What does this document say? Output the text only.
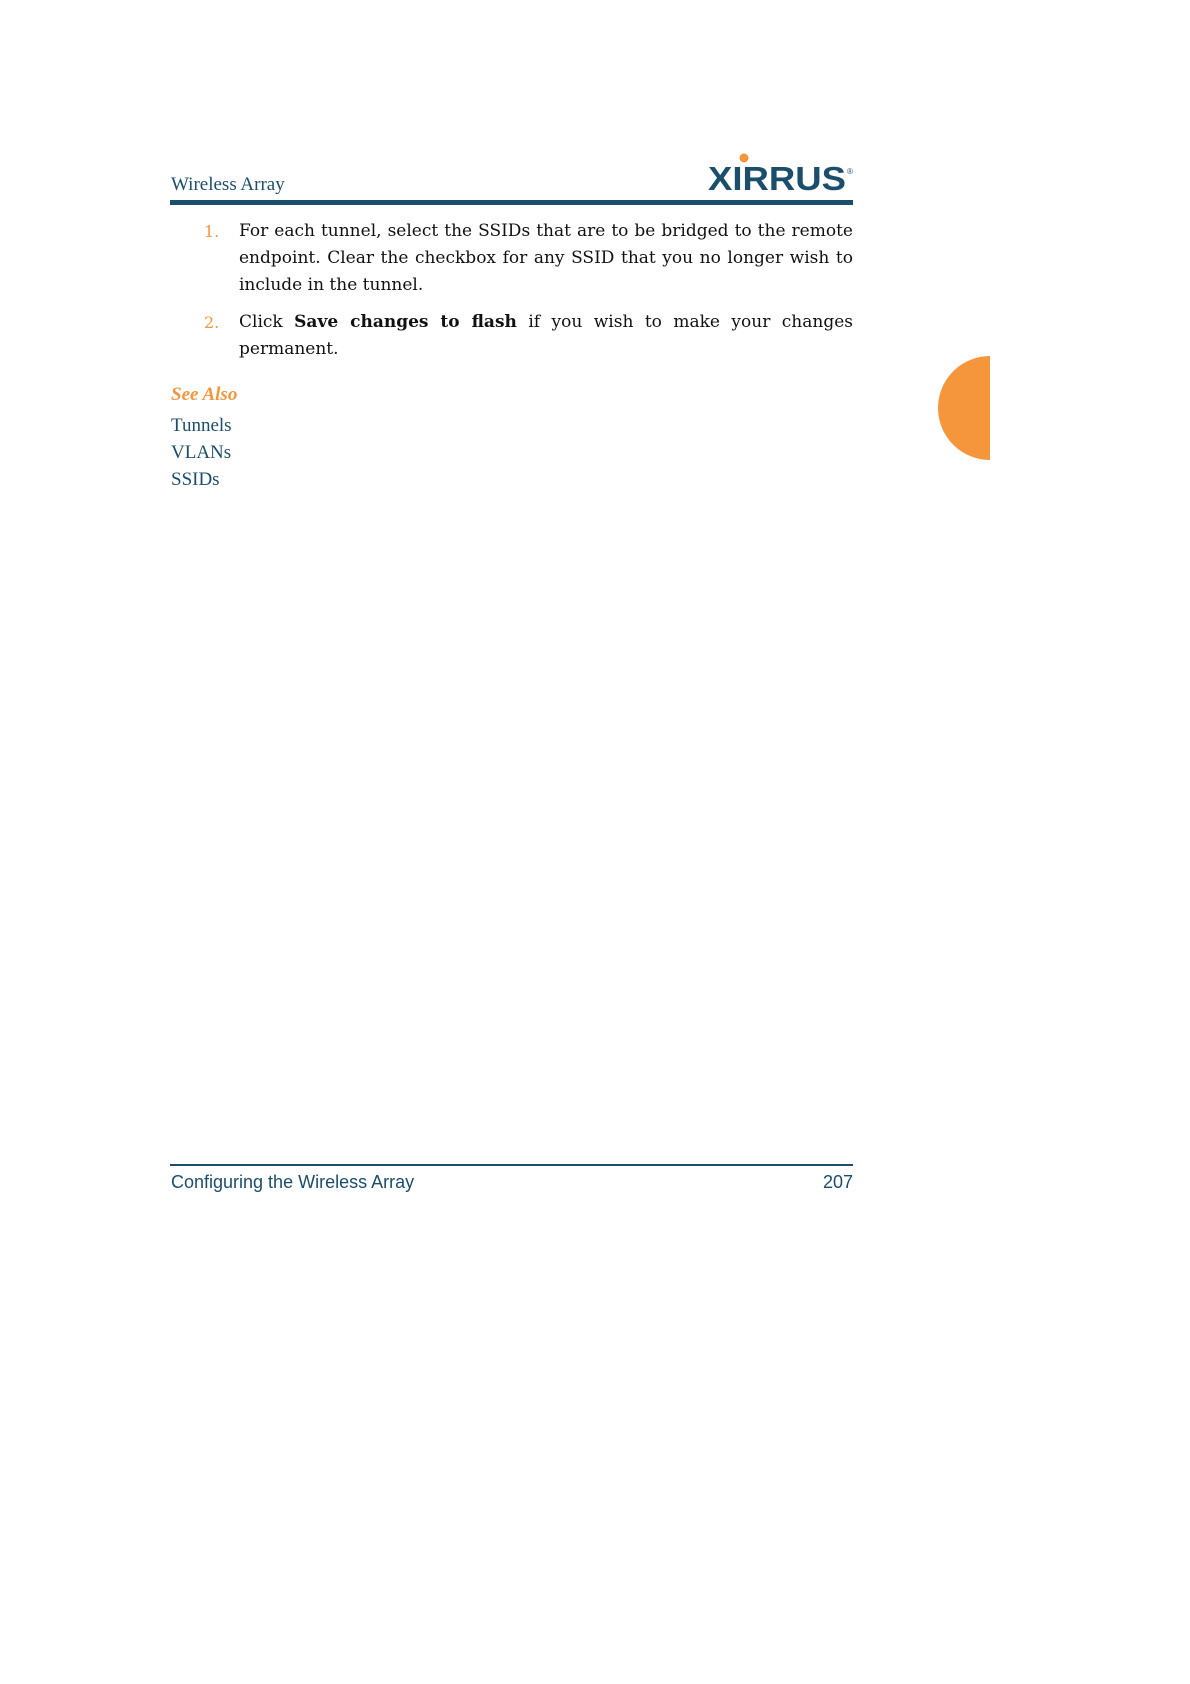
Wireless Array	XIRRUS ®
1. For each tunnel, select the SSIDs that are to be bridged to the remote endpoint. Clear the checkbox for any SSID that you no longer wish to include in the tunnel.
2. Click Save changes to flash if you wish to make your changes permanent.
See Also
Tunnels
VLANs
SSIDs
Configuring the Wireless Array	207
